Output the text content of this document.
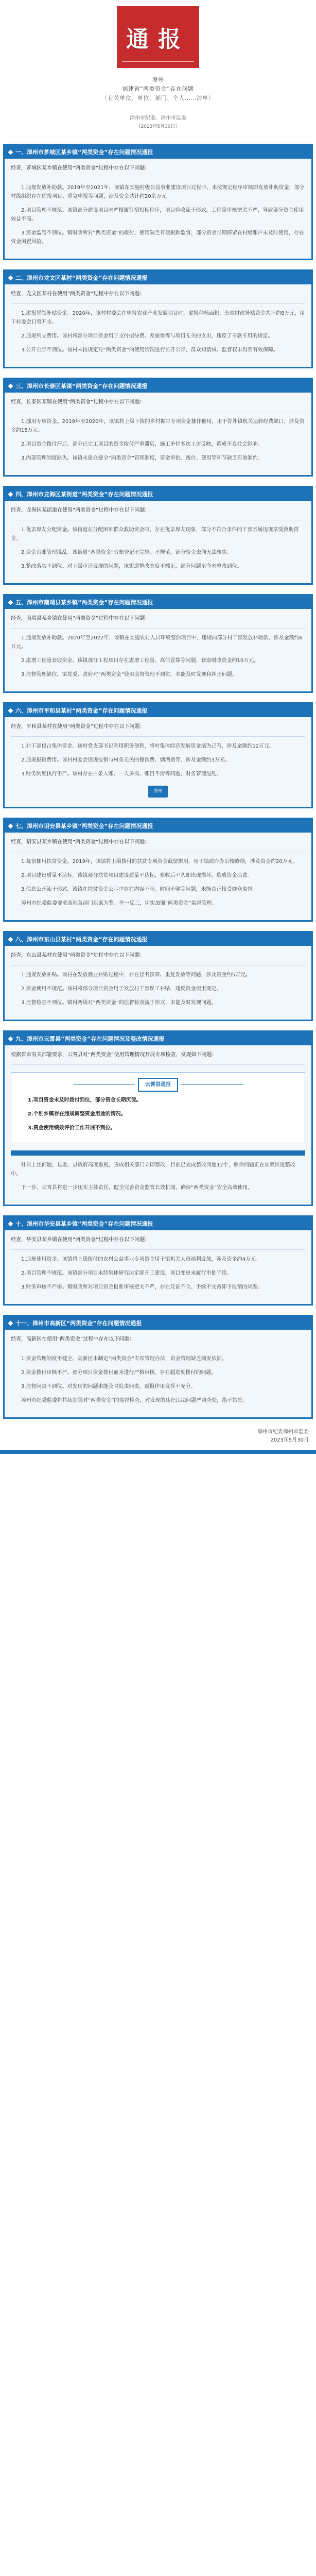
通报
漳州
福建省“两类资金”存在问题
（有关单位、单位、部门、个人……清单）
漳州市纪委、漳州市监委
（2023年5月30日）
一、漳州市芗城区某乡镇“两类资金”存在问题情况通报

经查，芗城区某乡镇在使用“两类资金”过程中存在以下问题：

1.违规发放补助款。2019年至2021年，该镇在实施村级公益事业建设项目过程中，未按规定程序审核即发放补助资金，部分村级组织存在虚报项目、重复申报等问题，涉及资金共计约20余万元。

2.项目管理不规范。该镇部分建设项目未严格履行招投标程序，项目验收流于形式，工程量审核把关不严，导致部分资金使用效益不高。

3.资金监管不到位。镇财政所对“两类资金”的拨付、使用缺乏有效跟踪监督，部分资金长期滞留在村级账户未及时使用，存在资金闲置风险。

二、漳州市龙文区某村“两类资金”存在问题情况通报

经查，龙文区某村在使用“两类资金”过程中存在以下问题：

1.虚报冒领补贴资金。2020年，该村村委会在申报农业产业发展项目时，虚报种植面积，套取财政补贴资金共计约8万元，用于村委会日常开支。

2.违规列支费用。该村将部分项目资金用于支付招待费、差旅费等与项目无关的支出，违反了专款专用的规定。

3.公开公示不到位。该村未按规定对“两类资金”的使用情况进行公开公示，群众知情权、监督权未得到有效保障。

三、漳州市长泰区某镇“两类资金”存在问题情况通报

经查，长泰区某镇在使用“两类资金”过程中存在以下问题：

1.挪用专项资金。2019年至2020年，该镇将上级下拨的乡村振兴专项资金挪作他用，用于弥补镇机关运转经费缺口，涉及资金约15万元。

2.项目资金拨付滞后。部分已完工项目的资金拨付严重滞后，施工单位多次上访反映，造成不良社会影响。

3.内部管理制度缺失。该镇未建立健全“两类资金”管理制度，资金审批、拨付、使用等环节缺乏有效制约。

四、漳州市龙海区某街道“两类资金”存在问题情况通报

经查，龙海区某街道在使用“两类资金”过程中存在以下问题：

1.优亲厚友分配资金。该街道在分配困难群众救助资金时，存在优亲厚友现象，部分不符合条件的干部亲属违规享受救助资金。

2.资金台账管理混乱。该街道“两类资金”台账登记不完整、不规范，部分资金去向无法核实。

3.整改落实不到位。对上级审计发现的问题，该街道整改态度不端正，部分问题至今未整改到位。

五、漳州市南靖县某乡镇“两类资金”存在问题情况通报

经查，南靖县某乡镇在使用“两类资金”过程中存在以下问题：

1.违规发放补助款。2020年至2022年，该镇在实施农村人居环境整治项目中，违规向部分村干部发放补助款，涉及金额约6万元。

2.虚增工程量套取资金。该镇部分工程项目存在虚增工程量、高估冒算等问题，套取财政资金约10万元。

3.监督管理缺位。镇党委、政府对“两类资金”使用监督管理不到位，未能及时发现和纠正问题。

六、漳州市平和县某村“两类资金”存在问题情况通报

经查，平和县某村在使用“两类资金”过程中存在以下问题：

1.村干部侵占集体资金。该村党支部书记利用职务便利，将村集体经济发展资金据为己有，涉及金额约12万元。

2.违规报销费用。该村村委会违规报销与村务无关的餐饮费、烟酒费等，涉及金额约3万元。

3.财务制度执行不严。该村存在白条入账、一人多岗、账目不清等问题，财务管理混乱。

漳州
七、漳州市诏安县某乡镇“两类资金”存在问题情况通报

经查，诏安县某乡镇在使用“两类资金”过程中存在以下问题：

1.截留挪用扶贫资金。2019年，该镇将上级拨付的扶贫专项资金截留挪用，用于镇政府办公楼修缮，涉及资金约20万元。

2.项目建设质量不达标。该镇部分扶贫项目建设质量不达标，验收后不久即出现损坏，造成资金浪费。

3.信息公开流于形式。该镇在扶贫资金公示中存在内容不全、时间不够等问题，未能真正接受群众监督。

漳州市纪委监委要求各地各部门以案为鉴、举一反三，切实加强“两类资金”监督管理。

八、漳州市东山县某村“两类资金”存在问题情况通报

经查，东山县某村在使用“两类资金”过程中存在以下问题：

1.违规发放补贴。该村在发放渔业补贴过程中，存在冒名顶替、重复发放等问题，涉及资金约5万元。

2.资金使用不规范。该村将部分项目资金用于发放村干部误工补贴，违反资金使用规定。

3.监督检查不到位。镇村两级对“两类资金”的监督检查流于形式，未能及时发现问题。

九、漳州市云霄县“两类资金”存在问题情况及整改情况通报

根据省市有关部署要求，云霄县对“两类资金”使用管理情况开展专项检查，发现如下问题：

云霄县通报

1.项目资金未及时拨付到位，部分资金长期沉淀。

2.个别乡镇存在违规调整资金用途的情况。

3.资金使用绩效评价工作开展不到位。

针对上述问题，县委、县政府高度重视，责成相关部门立即整改，目前已完成整改问题12个，剩余问题正在加紧推进整改中。

下一步，云霄县将进一步压实主体责任，健全完善资金监管长效机制，确保“两类资金”安全高效使用。

十、漳州市华安县某乡镇“两类资金”存在问题情况通报

经查，华安县某乡镇在使用“两类资金”过程中存在以下问题：

1.违规使用资金。该镇将上级拨付的农村公益事业专项资金用于镇机关人员福利发放，涉及资金约4万元。

2.项目管理不规范。该镇部分项目未经集体研究决定即开工建设，项目变更未履行审批手续。

3.财务审核不严格。镇财政所对项目资金报账审核把关不严，存在凭证不全、手续不完备即予报销的问题。

十一、漳州市高新区“两类资金”存在问题情况通报

经查，高新区在使用“两类资金”过程中存在以下问题：

1.资金管理制度不健全。高新区未制定“两类资金”专项管理办法，资金管理缺乏制度依据。

2.资金拨付审核不严。部分项目资金拨付前未进行严格审核，存在超进度拨付的问题。

3.监督问责不到位。对发现的问题未能及时追责问责，震慑作用发挥不充分。

漳州市纪委监委将持续加强对“两类资金”的监督检查，对发现的违纪违法问题严肃查处，绝不姑息。

漳州市纪委漳州市监委
2023年5月30日
